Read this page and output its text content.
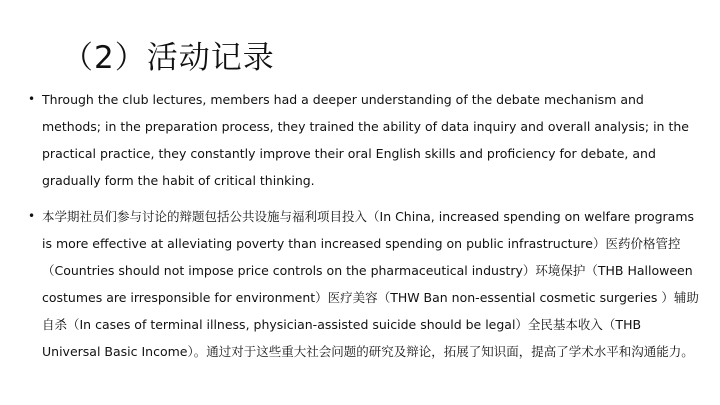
（2）活动记录
• Through the club lectures, members had a deeper understanding of the debate mechanism and methods; in the preparation process, they trained the ability of data inquiry and overall analysis; in the practical practice, they constantly improve their oral English skills and proficiency for debate, and gradually form the habit of critical thinking.
• 本学期社员们参与讨论的辩题包括公共设施与福利项目投入（In China, increased spending on welfare programs is more effective at alleviating poverty than increased spending on public infrastructure）医药价格管控（Countries should not impose price controls on the pharmaceutical industry）环境保护（THB Halloween costumes are irresponsible for environment）医疗美容（THW Ban non-essential cosmetic surgeries ）辅助自杀（In cases of terminal illness, physician-assisted suicide should be legal）全民基本收入（THB Universal Basic Income）。通过对于这些重大社会问题的研究及辩论，拓展了知识面，提高了学术水平和沟通能力。
